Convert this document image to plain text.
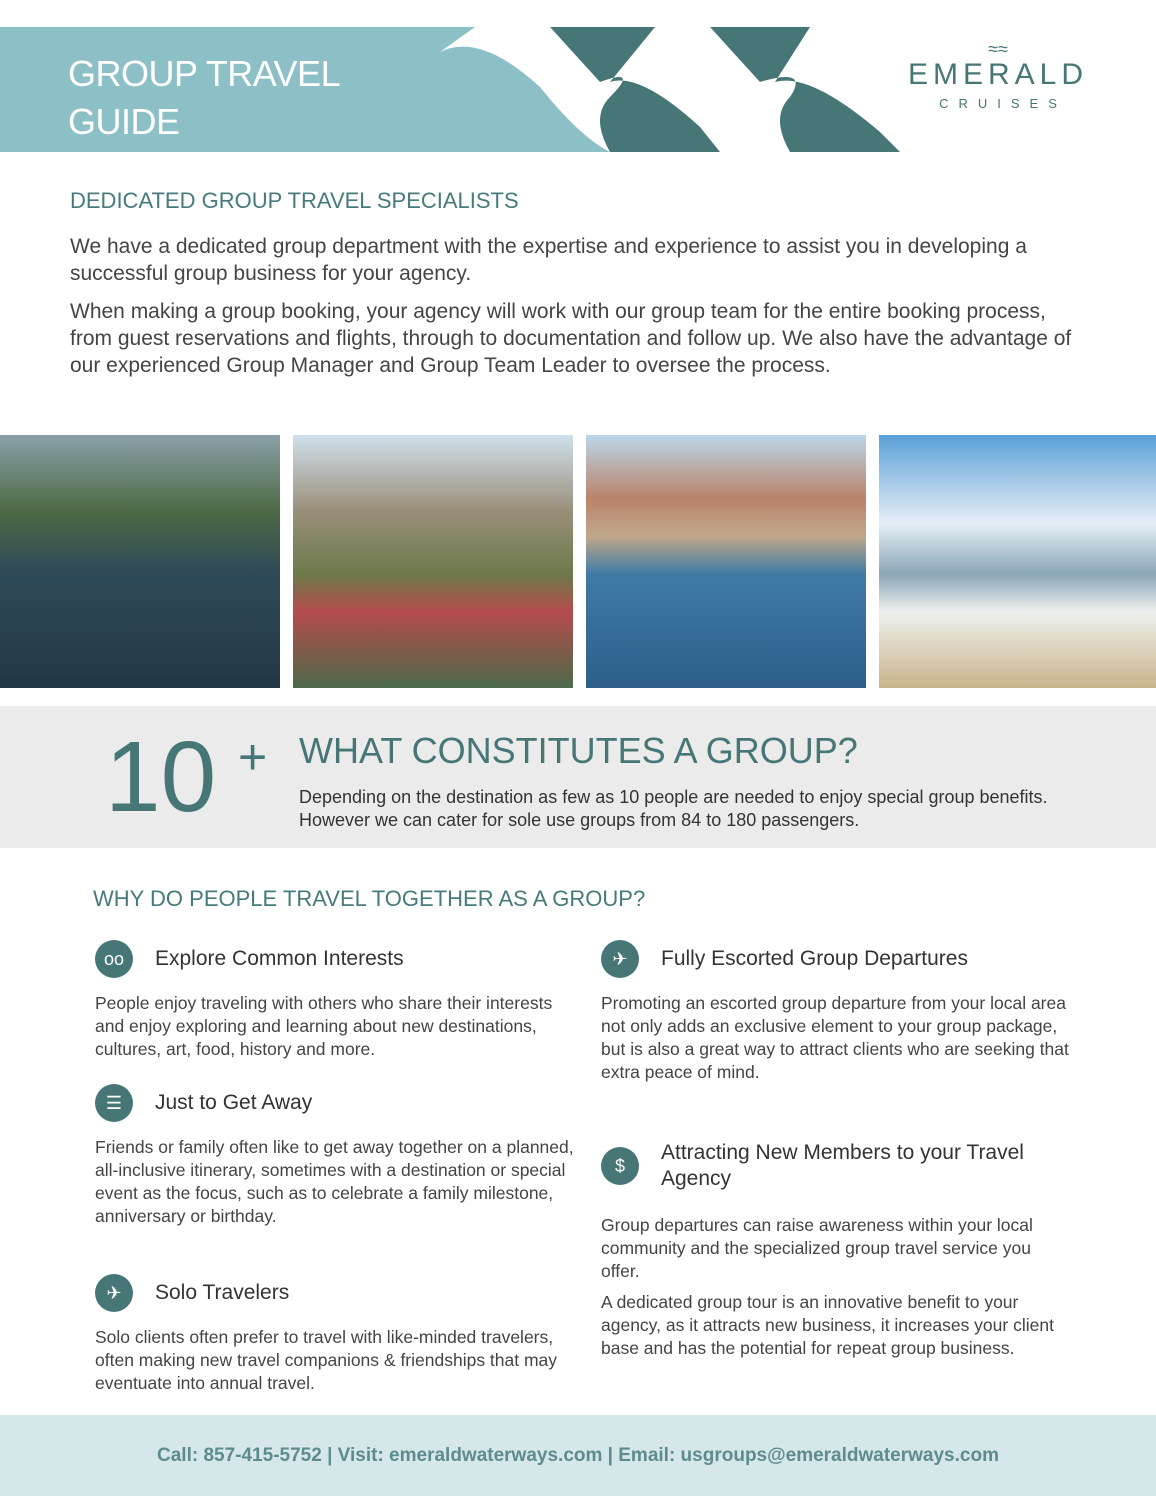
GROUP TRAVEL
GUIDE
≈≈
EMERALD
CRUISES
DEDICATED GROUP TRAVEL SPECIALISTS
We have a dedicated group department with the expertise and experience to assist you in developing a successful group business for your agency.
When making a group booking, your agency will work with our group team for the entire booking process, from guest reservations and flights, through to documentation and follow up. We also have the advantage of our experienced Group Manager and Group Team Leader to oversee the process.
10 + WHAT CONSTITUTES A GROUP?
Depending on the destination as few as 10 people are needed to enjoy special group benefits. However we can cater for sole use groups from 84 to 180 passengers.
WHY DO PEOPLE TRAVEL TOGETHER AS A GROUP?
oo	Explore Common Interests
People enjoy traveling with others who share their interests and enjoy exploring and learning about new destinations, cultures, art, food, history and more.
☰	Just to Get Away
Friends or family often like to get away together on a planned, all-inclusive itinerary, sometimes with a destination or special event as the focus, such as to celebrate a family milestone, anniversary or birthday.
✈	Solo Travelers
Solo clients often prefer to travel with like-minded travelers, often making new travel companions & friendships that may eventuate into annual travel.
✈	Fully Escorted Group Departures
Promoting an escorted group departure from your local area not only adds an exclusive element to your group package, but is also a great way to attract clients who are seeking that extra peace of mind.
$
Attracting New Members to your Travel Agency
Group departures can raise awareness within your local community and the specialized group travel service you offer.
A dedicated group tour is an innovative benefit to your agency, as it attracts new business, it increases your client base and has the potential for repeat group business.
Call: 857-415-5752 | Visit: emeraldwaterways.com | Email: usgroups@emeraldwaterways.com
